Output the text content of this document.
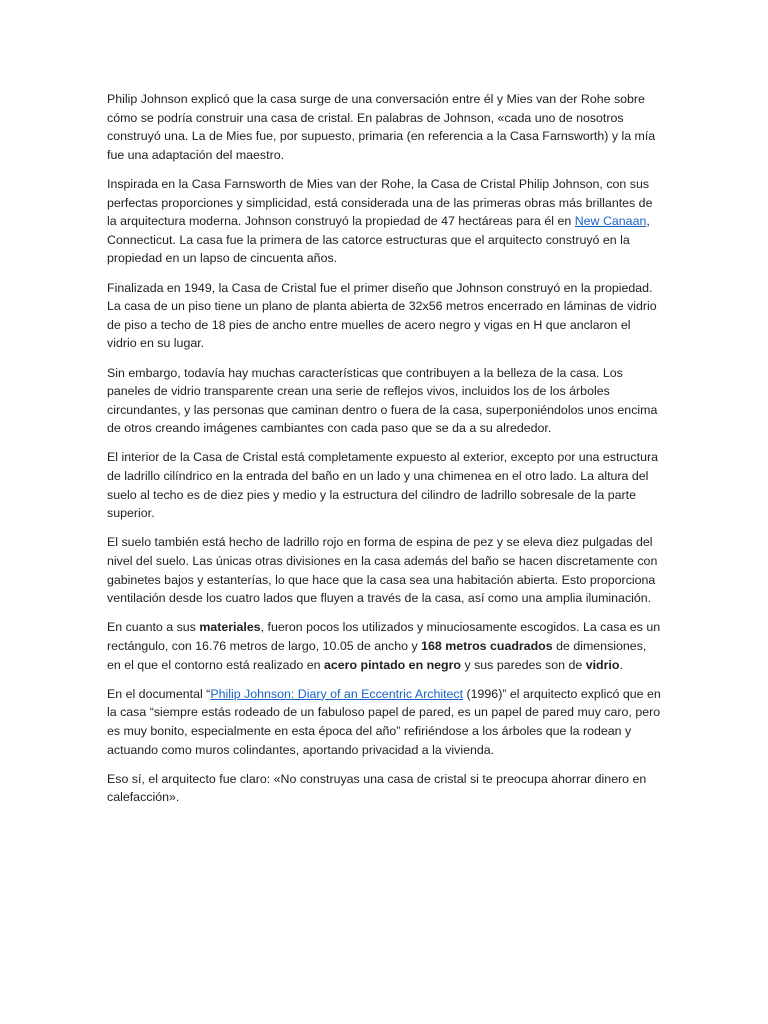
Philip Johnson explicó que la casa surge de una conversación entre él y Mies van der Rohe sobre cómo se podría construir una casa de cristal. En palabras de Johnson, «cada uno de nosotros construyó una. La de Mies fue, por supuesto, primaria (en referencia a la Casa Farnsworth) y la mía fue una adaptación del maestro.

Inspirada en la Casa Farnsworth de Mies van der Rohe, la Casa de Cristal Philip Johnson, con sus perfectas proporciones y simplicidad, está considerada una de las primeras obras más brillantes de la arquitectura moderna. Johnson construyó la propiedad de 47 hectáreas para él en New Canaan, Connecticut. La casa fue la primera de las catorce estructuras que el arquitecto construyó en la propiedad en un lapso de cincuenta años.

Finalizada en 1949, la Casa de Cristal fue el primer diseño que Johnson construyó en la propiedad. La casa de un piso tiene un plano de planta abierta de 32x56 metros encerrado en láminas de vidrio de piso a techo de 18 pies de ancho entre muelles de acero negro y vigas en H que anclaron el vidrio en su lugar.

Sin embargo, todavía hay muchas características que contribuyen a la belleza de la casa. Los paneles de vidrio transparente crean una serie de reflejos vivos, incluidos los de los árboles circundantes, y las personas que caminan dentro o fuera de la casa, superponiéndolos unos encima de otros creando imágenes cambiantes con cada paso que se da a su alrededor.

El interior de la Casa de Cristal está completamente expuesto al exterior, excepto por una estructura de ladrillo cilíndrico en la entrada del baño en un lado y una chimenea en el otro lado. La altura del suelo al techo es de diez pies y medio y la estructura del cilindro de ladrillo sobresale de la parte superior.

El suelo también está hecho de ladrillo rojo en forma de espina de pez y se eleva diez pulgadas del nivel del suelo. Las únicas otras divisiones en la casa además del baño se hacen discretamente con gabinetes bajos y estanterías, lo que hace que la casa sea una habitación abierta. Esto proporciona ventilación desde los cuatro lados que fluyen a través de la casa, así como una amplia iluminación.

En cuanto a sus materiales, fueron pocos los utilizados y minuciosamente escogidos. La casa es un rectángulo, con 16.76 metros de largo, 10.05 de ancho y 168 metros cuadrados de dimensiones, en el que el contorno está realizado en acero pintado en negro y sus paredes son de vidrio.

En el documental “Philip Johnson: Diary of an Eccentric Architect (1996)” el arquitecto explicó que en la casa “siempre estás rodeado de un fabuloso papel de pared, es un papel de pared muy caro, pero es muy bonito, especialmente en esta época del año” refiriéndose a los árboles que la rodean y actuando como muros colindantes, aportando privacidad a la vivienda.

Eso sí, el arquitecto fue claro: «No construyas una casa de cristal si te preocupa ahorrar dinero en calefacción».
